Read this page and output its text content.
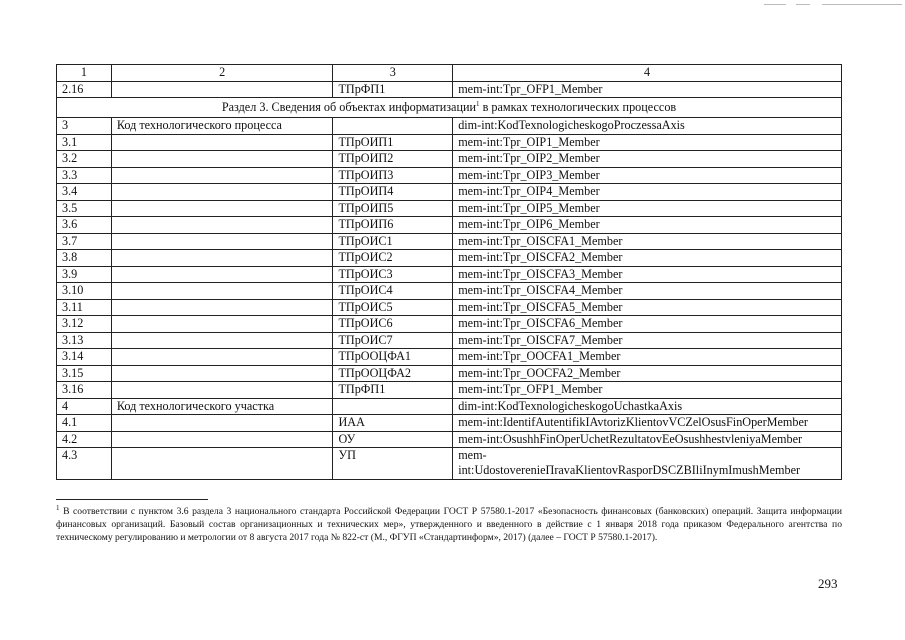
1	2	3	4
2.16		ТПрФП1	mem-int:Tpr_OFP1_Member
Раздел 3. Сведения об объектах информатизации$^1$ в рамках технологических процессов			
3	Код технологического процесса		dim-int:KodTexnologicheskogoProczessaAxis
3.1		ТПрОИП1	mem-int:Tpr_OIP1_Member
3.2		ТПрОИП2	mem-int:Tpr_OIP2_Member
3.3		ТПрОИП3	mem-int:Tpr_OIP3_Member
3.4		ТПрОИП4	mem-int:Tpr_OIP4_Member
3.5		ТПрОИП5	mem-int:Tpr_OIP5_Member
3.6		ТПрОИП6	mem-int:Tpr_OIP6_Member
3.7		ТПрОИС1	mem-int:Tpr_OISCFA1_Member
3.8		ТПрОИС2	mem-int:Tpr_OISCFA2_Member
3.9		ТПрОИС3	mem-int:Tpr_OISCFA3_Member
3.10		ТПрОИС4	mem-int:Tpr_OISCFA4_Member
3.11		ТПрОИС5	mem-int:Tpr_OISCFA5_Member
3.12		ТПрОИС6	mem-int:Tpr_OISCFA6_Member
3.13		ТПрОИС7	mem-int:Tpr_OISCFA7_Member
3.14		ТПрООЦФА1	mem-int:Tpr_OOCFA1_Member
3.15		ТПрООЦФА2	mem-int:Tpr_OOCFA2_Member
3.16		ТПрФП1	mem-int:Tpr_OFP1_Member
4	Код технологического участка		dim-int:KodTexnologicheskogoUchastkaAxis
4.1		ИАА	mem-int:IdentifAutentifikIAvtorizKlientovVCZelOsusFinOperMember
4.2		ОУ	mem-int:OsushhFinOperUchetRezultatovEeOsushhestvleniyaMember
4.3		УП	mem-
int:UdostoverenieПravaKlientovRasporDSCZBIliInymImushMember
$^1$ В соответствии с пунктом 3.6 раздела 3 национального стандарта Российской Федерации ГОСТ Р 57580.1-2017 «Безопасность финансовых (банковских) операций. Защита информации финансовых организаций. Базовый состав организационных и технических мер», утвержденного и введенного в действие с 1 января 2018 года приказом Федерального агентства по техническому регулированию и метрологии от 8 августа 2017 года № 822-ст (М., ФГУП «Стандартинформ», 2017) (далее – ГОСТ Р 57580.1-2017).
293
